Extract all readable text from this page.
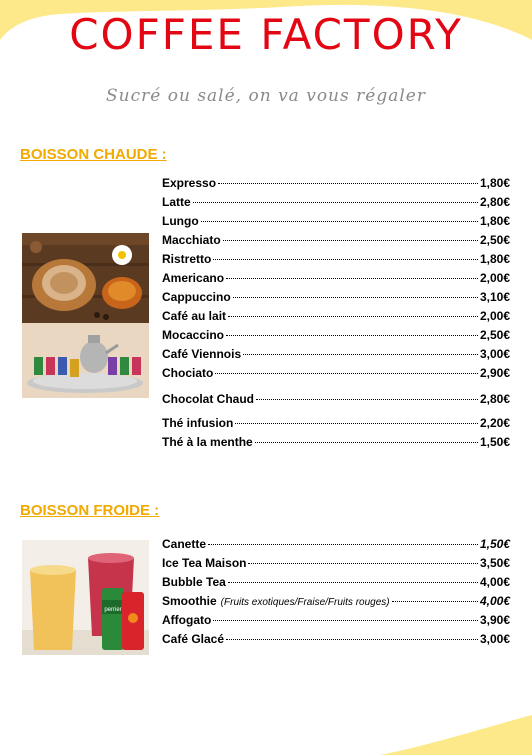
COFFEE FACTORY
Sucré ou salé, on va vous régaler
BOISSON CHAUDE :
perrier
Expresso	1,80€
Latte	2,80€
Lungo	1,80€
Macchiato	2,50€
Ristretto	1,80€
Americano	2,00€
Cappuccino	3,10€
Café au lait	2,00€
Mocaccino	2,50€
Café Viennois	3,00€
Chociato	2,90€
Chocolat Chaud	2,80€
Thé infusion	2,20€
Thé à la menthe	1,50€
BOISSON FROIDE :
Canette	1,50€
Ice Tea Maison	3,50€
Bubble Tea	4,00€
Smoothie (Fruits exotiques/Fraise/Fruits rouges)	4,00€
Affogato	3,90€
Café Glacé	3,00€
